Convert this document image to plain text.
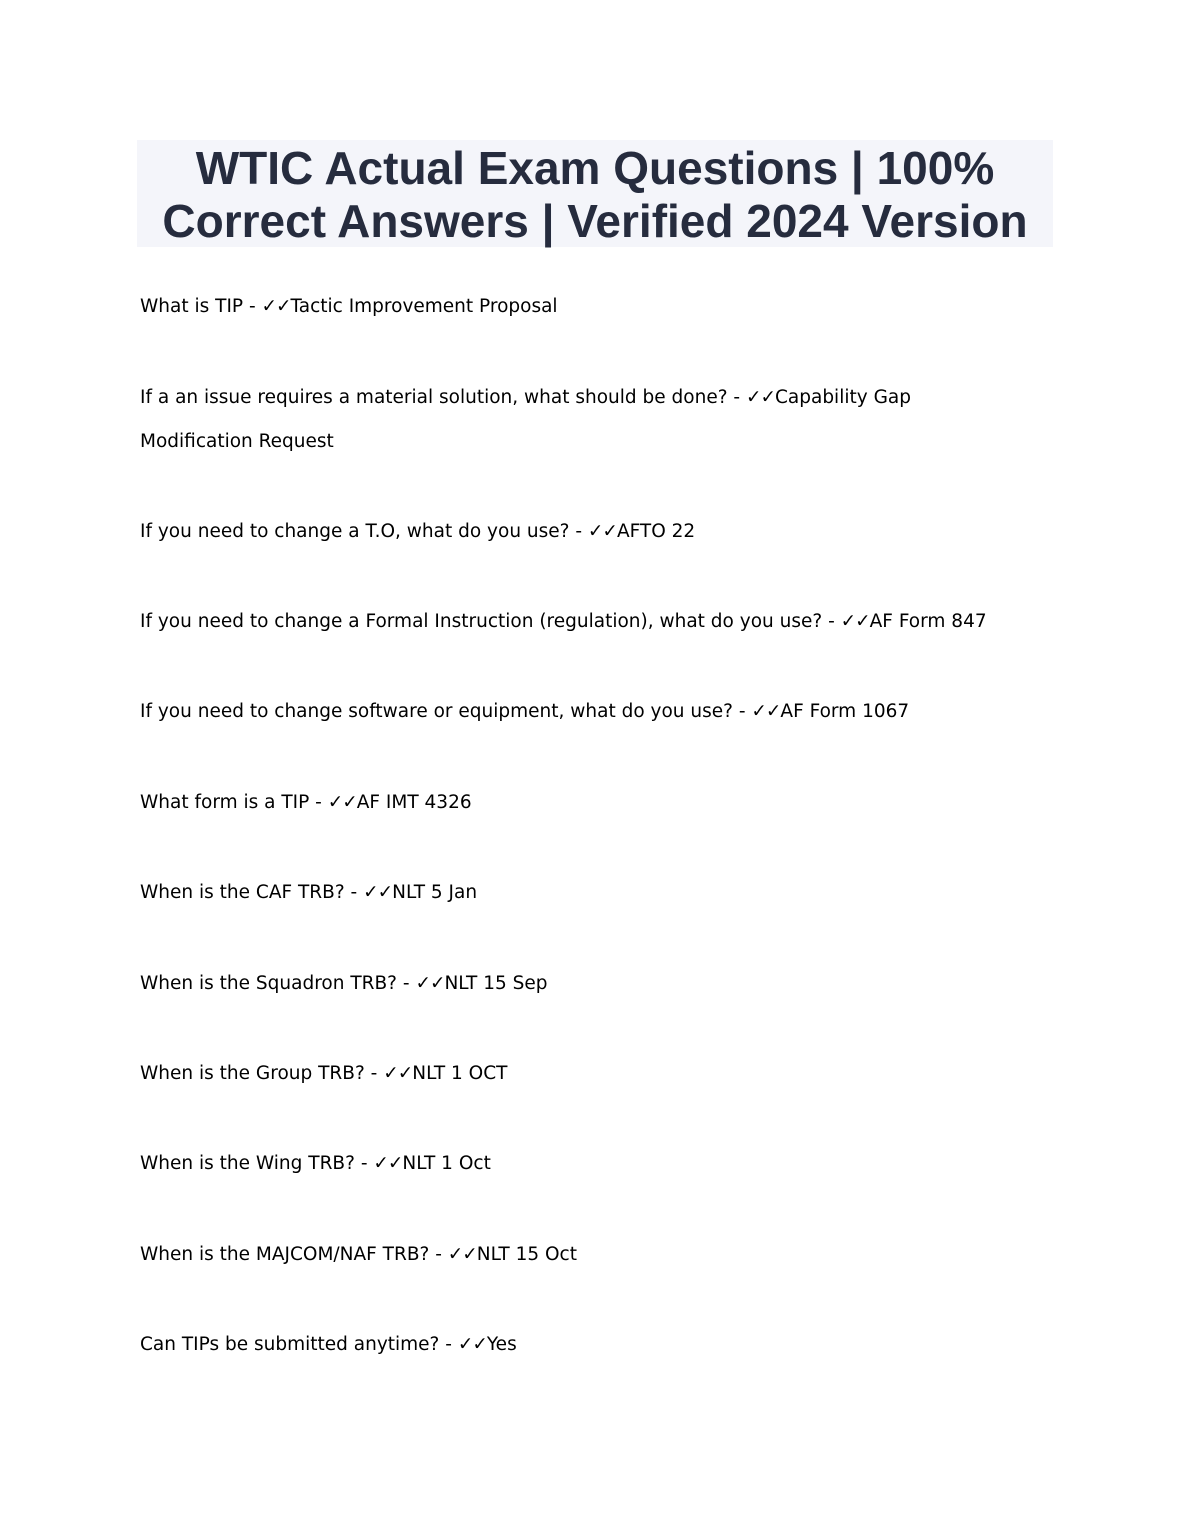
WTIC Actual Exam Questions | 100%
Correct Answers | Verified 2024 Version
What is TIP - ✓✓Tactic Improvement Proposal
If a an issue requires a material solution, what should be done? - ✓✓Capability Gap
Modification Request
If you need to change a T.O, what do you use? - ✓✓AFTO 22
If you need to change a Formal Instruction (regulation), what do you use? - ✓✓AF Form 847
If you need to change software or equipment, what do you use? - ✓✓AF Form 1067
What form is a TIP - ✓✓AF IMT 4326
When is the CAF TRB? - ✓✓NLT 5 Jan
When is the Squadron TRB? - ✓✓NLT 15 Sep
When is the Group TRB? - ✓✓NLT 1 OCT
When is the Wing TRB? - ✓✓NLT 1 Oct
When is the MAJCOM/NAF TRB? - ✓✓NLT 15 Oct
Can TIPs be submitted anytime? - ✓✓Yes
